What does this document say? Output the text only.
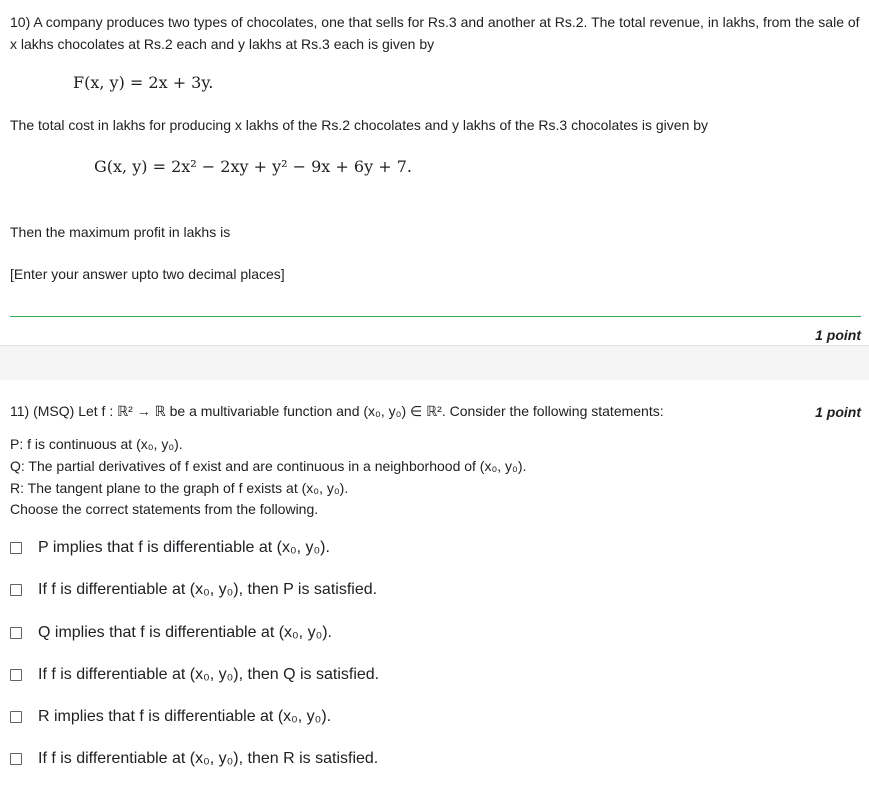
10) A company produces two types of chocolates, one that sells for Rs.3 and another at Rs.2. The total revenue, in lakhs, from the sale of
x lakhs chocolates at Rs.2 each and y lakhs at Rs.3 each is given by
F(x, y) = 2x + 3y.
The total cost in lakhs for producing x lakhs of the Rs.2 chocolates and y lakhs of the Rs.3 chocolates is given by
G(x, y) = 2x² − 2xy + y² − 9x + 6y + 7.
Then the maximum profit in lakhs is
[Enter your answer upto two decimal places]
1 point
11) (MSQ) Let f : ℝ² → ℝ be a multivariable function and (x₀, y₀) ∈ ℝ². Consider the following statements:	1 point
P: f is continuous at (x₀, y₀).
Q: The partial derivatives of f exist and are continuous in a neighborhood of (x₀, y₀).
R: The tangent plane to the graph of f exists at (x₀, y₀).
Choose the correct statements from the following.
P implies that f is differentiable at (x₀, y₀).
If f is differentiable at (x₀, y₀), then P is satisfied.
Q implies that f is differentiable at (x₀, y₀).
If f is differentiable at (x₀, y₀), then Q is satisfied.
R implies that f is differentiable at (x₀, y₀).
If f is differentiable at (x₀, y₀), then R is satisfied.
